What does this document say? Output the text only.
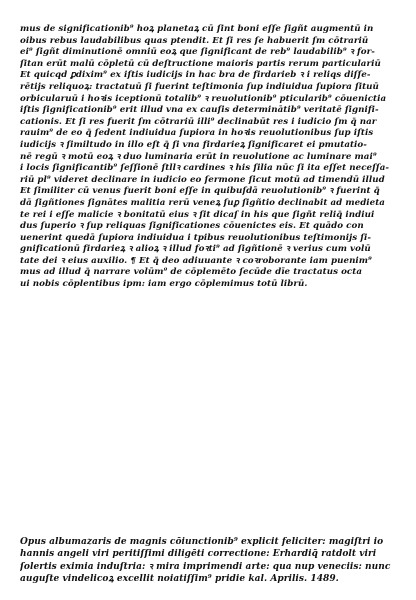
mus de significationib⁹ hoꝝ planetaꝝ cū ſint boni eſſe ſigñt augmentū in
oibus rebus laudabilibus quas ptendit. Et ſi res ſe habuerit ſ̄m cōtrariū
ei⁹ ſigñt diminutionē omniū eoꝝ que ſignificant de reb⁹ laudabilib⁹ ꝛ for-
ſitan erūt malū cōpletū cū deſtructione maioris partis rerum particulariū
Et quicqd ꝑdixim⁹ ex iſtis iudicijs in hac ḃra de firdarieb ꝛ i reliqs diſſe-
rētijs reliquoꝝ: tractatuū ſi fuerint teſtimonia ſup indiuidua ſupiora ſituū
orbicularuū i hoꝛis iceptionū totalib⁹ ꝛ reuolutionib⁹ pticularib⁹ cōuenictia
iſtis ſignificationib⁹ erit illud vna ex cauſis determinātib⁹ veritatē ſignifi-
cationis. Et ſi res fuerit ſ̄m cōtrariū illi⁹ declinabūt res i iudicio ſ̄m q̄ nar
rauim⁹ de eo q̄ ſedent indiuidua ſupiora in hoꝛis reuolutionibus ſup iſtis
iudicijs ꝛ ſimiltudo in illo eſt q̄ ſi vna firdarieꝝ ſignificaret ei pmutatio-
nē regū ꝛ motū eoꝝ ꝛ duo luminaria erūt in reuolutione ac luminare mai⁹
i locis ſignificantib⁹ ſeſſionē ſtllꝛ cardines ꝛ his ſilia nūc ſi ita eſſet neceſſa-
riū pl⁹ videret declinare in iudicio eo ſermone ſicut motū ad timendū illud
Et ſimiliter cū venus fuerit boni eſſe in quibuſdā reuolutionib⁹ ꝛ fuerint q̄
dā ſigñtiones ſignātes malitia rerū veneꝝ ſuꝑ ſigñtio declinabit ad medieta
te rei i eſſe malicie ꝛ bonitatū eius ꝛ ſit dicaſ in his que ſigñt reliq̄ indiui
dus ſuperio ꝛ ſup reliquas ſignificationes cōuenictes eis. Et quādo con
uenerint quedā ſupiora indiuidua i tpibus reuolutionibus teſtimonijs ſi-
gnificationū firdarieꝝ ꝛ alioꝝ ꝛ illud foꝛti⁹ ad ſigñtionē ꝛ verius cum volū
tate dei ꝛ eius auxilio. ¶ Et q̄ deo adiuuante ꝛ coꝛroborante iam puenim⁹
mus ad illud q̄ narrare volūm⁹ de cōplemēto ſecūde dīe tractatus octa
ui nobis cōplentibus ipm: iam ergo cōplemimus totū librū.
Opus albumazaris de magnis cōiunctionib⁹ explicit feliciter: magiſtri io
hannis angeli viri peritiſſimi diligēti correctione: Erhardiq̄ ratdolt viri
ſolertis eximia induſtria: ꝛ mira imprimendi arte: qua nup veneciis: nunc
auguſte vindelicoꝝ excellit noiatiſſim⁹ pridie kal. Aprilis. 1489.
